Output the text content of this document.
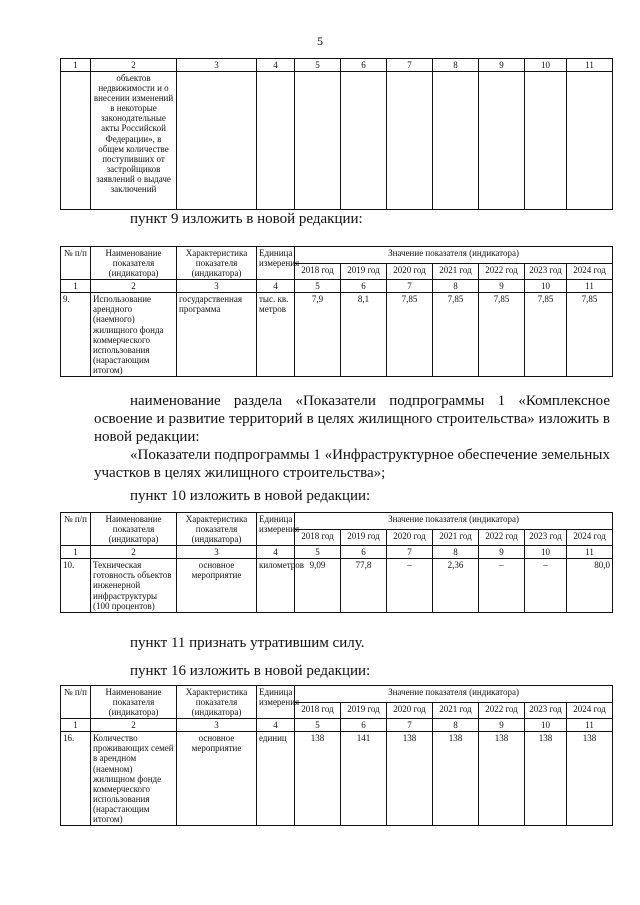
5
1	2	3	4	5	6	7	8	9	10	11
	объектов недвижимости и о внесении изменений в некоторые законодательные акты Российской Федерации», в общем количестве поступивших от застройщиков заявлений о выдаче заключений									
пункт 9 изложить в новой редакции:
№ п/п	Наименование показателя (индикатора)	Характеристика показателя (индикатора)	Единица измерения	Значение показателя (индикатора)						
				2018 год	2019 год	2020 год	2021 год	2022 год	2023 год	2024 год
1	2	3	4	5	6	7	8	9	10	11
9.	Использование арендного (наемного) жилищного фонда коммерческого использования (нарастающим итогом)	государственная программа	тыс. кв. метров	7,9	8,1	7,85	7,85	7,85	7,85	7,85
наименование раздела «Показатели подпрограммы 1 «Комплексное освоение и развитие территорий в целях жилищного строительства» изложить в новой редакции:
«Показатели подпрограммы 1 «Инфраструктурное обеспечение земельных участков в целях жилищного строительства»;
пункт 10 изложить в новой редакции:
№ п/п	Наименование показателя (индикатора)	Характеристика показателя (индикатора)	Единица измерения	Значение показателя (индикатора)						
				2018 год	2019 год	2020 год	2021 год	2022 год	2023 год	2024 год
1	2	3	4	5	6	7	8	9	10	11
10.	Техническая готовность объектов инженерной инфраструктуры (100 процентов)	основное мероприятие	километров	9,09	77,8	–	2,36	–	–	80,0
пункт 11 признать утратившим силу.
пункт 16 изложить в новой редакции:
№ п/п	Наименование показателя (индикатора)	Характеристика показателя (индикатора)	Единица измерения	Значение показателя (индикатора)						
				2018 год	2019 год	2020 год	2021 год	2022 год	2023 год	2024 год
1	2	3	4	5	6	7	8	9	10	11
16.	Количество проживающих семей в арендном (наемном) жилищном фонде коммерческого использования (нарастающим итогом)	основное мероприятие	единиц	138	141	138	138	138	138	138
